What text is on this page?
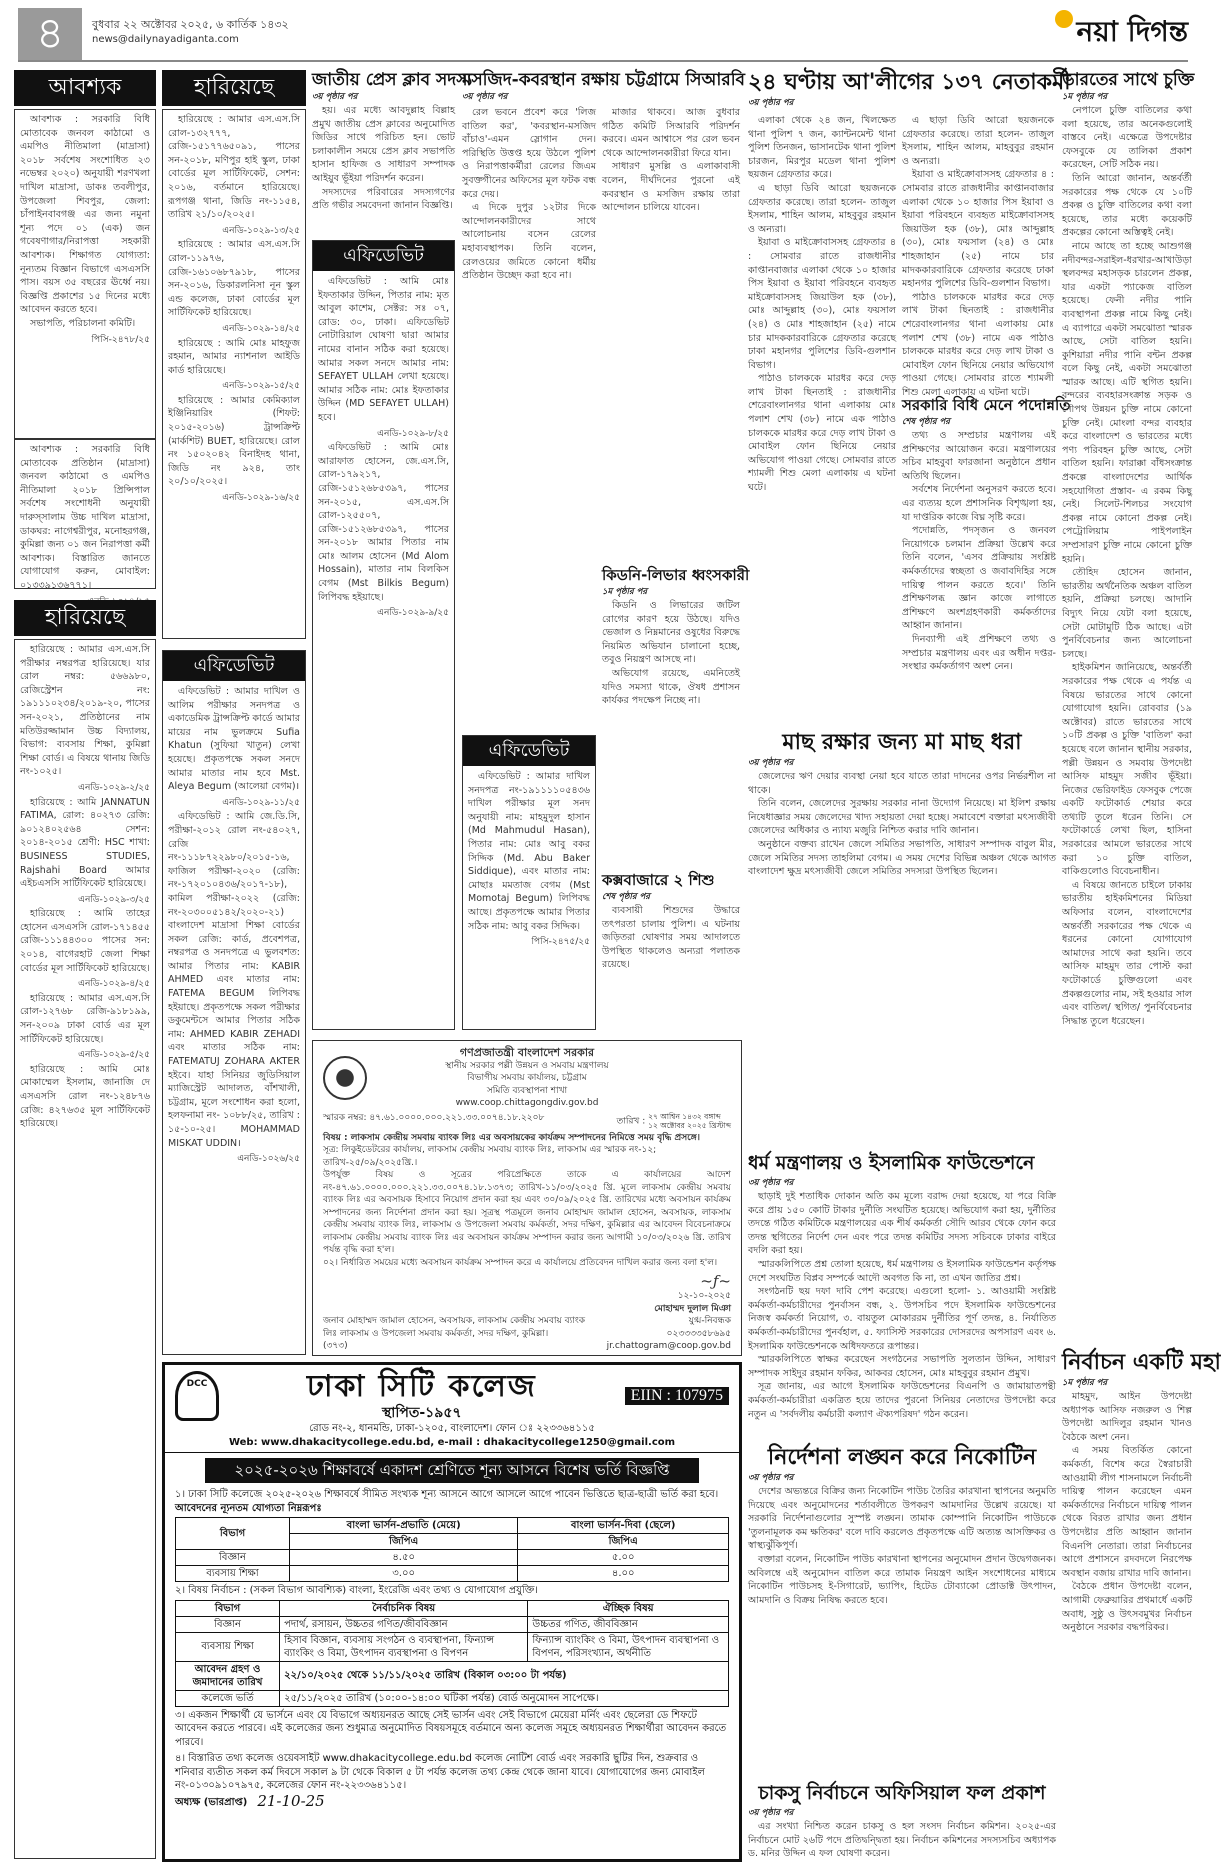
৪	বুধবার ২২ অক্টোবর ২০২৫, ৬ কার্তিক ১৪৩২
news@dailynayadiganta.com	নয়া দিগন্ত
আবশ্যক

আবশ্যক : সরকারি বিধি মোতাবেক জনবল কাঠামো ও এমপিও নীতিমালা (মাদ্রাসা) ২০১৮ সর্বশেষ সংশোধিত ২৩ নভেম্বর ২০২০) অনুযায়ী শরণখলা দাখিল মাদ্রাসা, ডাকঃ তবলীপুর, উপজেলা শিবপুর, জেলা: চাঁপাইনবাবগঞ্জ এর জন্য নমুনা শূন্য পদে ০১ (এক) জন গবেষণাগার/নিরাপত্তা সহকারী আবশ্যক। শিক্ষাগত যোগ্যতা: নূন্যতম বিজ্ঞান বিভাগে এসএসসি পাস। বয়স ৩৫ বছরের ঊর্ধ্বে নয়। বিজ্ঞপ্তি প্রকাশের ১৫ দিনের মধ্যে আবেদন করতে হবে।

সভাপতি, পরিচালনা কমিটি।

পিসি-২৪৭৮/২৫

আবশ্যক : সরকারি বিধি মোতাবেক প্রতিষ্ঠান (মাদ্রাসা) জনবল কাঠামো ও এমপিও নীতিমালা ২০১৮ প্রিন্সিপাল সর্বশেষ সংশোধনী অনুযায়ী দারুস্সালাম উচ্চ দাখিল মাদ্রাসা, ডাকঘর: নাগেশ্বরীপুর, মনোহরগঞ্জ, কুমিল্লা জন্য ০১ জন নিরাপত্তা কর্মী আবশ্যক। বিস্তারিত জানতে যোগাযোগ করুন, মোবাইল: ০১৩৩৯১৩৬৭৭১।

হারিয়েছে

হারিয়েছে : আমার এস.এস.সি পরীক্ষার নম্বরপত্র হারিয়েছে। যার রোল নম্বর: ৫৬৬৯৮০, রেজিস্ট্রেশন নং: ১৯১১১০২৩৪/২০১৯-২০, পাসের সন-২০২১, প্রতিষ্ঠানের নাম মতিউরজ্জামান উচ্চ বিদ্যালয়, বিভাগ: ব্যবসায় শিক্ষা, কুমিল্লা শিক্ষা বোর্ড। এ বিষয়ে থানায় জিডি নং-১০২৫।

এনডি-১০২৯-২/২৫

হারিয়েছে : আমি JANNATUN FATIMA, রোল: ৪০২৭৩ রেজি: ৯০১২৪০২৫৬৪ সেশন: ২০১৪-২০১৫ শ্রেণী: HSC শাখা: BUSINESS STUDIES, Rajshahi Board আমার এইচএসসি সার্টিফিকেট হারিয়েছে।

এনডি-১০২৯-৩/২৫

হারিয়েছে : আমি তাহের হোসেন এসএসসি রোল-১৭১৪৫৫ রেজি-১১১৪৪৩০০ পাসের সন: ২০১৪, বাগেরহাট জেলা শিক্ষা বোর্ডের মূল সার্টিফিকেট হারিয়েছে।

এনডি-১০২৯-৪/২৫

হারিয়েছে : আমার এস.এস.সি রোল-১২৭৬৮ রেজি-৯১৮১৯৯, সন-২০০৯ ঢাকা বোর্ড এর মূল সার্টিফিকেট হারিয়েছে।

এনডি-১০২৯-৫/২৫

হারিয়েছে : আমি মোঃ মোকাম্মেল ইসলাম, জানাজি দে এসএসসি রোল নং-১২৪৮৭৬ রেজি: ৪২৭৬৩৫ মূল সার্টিফিকেট হারিয়েছে।

হারিয়েছে

হারিয়েছে : আমার এস.এস.সি রোল-১৩২৭৭৭, রেজি-১৫১৭৭৬৫০৯১, পাসের সন-২০১৮, মণিপুর হাই স্কুল, ঢাকা বোর্ডের মূল সার্টিফিকেট, সেশন: ২০১৬, বর্তমানে হারিয়েছে। রূপগঞ্জ থানা, জিডি নং-১১৫৪, তারিখ ২১/১০/২০২৫।

এনডি-১০২৯-১৩/২৫

হারিয়েছে : আমার এস.এস.সি রোল-১১৯৭৬, রেজি-১৬১০৬৮৭৯১৮, পাসের সন-২০১৬, ডিকারলনিসা নূন স্কুল এন্ড কলেজ, ঢাকা বোর্ডের মূল সার্টিফিকেট হারিয়েছে।

এনডি-১০২৯-১৪/২৫

হারিয়েছে : আমি মোঃ মাহফুজ রহমান, আমার ন্যাশনাল আইডি কার্ড হারিয়েছে।

এনডি-১০২৯-১৫/২৫

হারিয়েছে : আমার কেমিক্যাল ইঞ্জিনিয়ারিং (শিফট: ২০১৫-২০১৬) ট্রান্সক্রিপ্ট (মার্কশিট) BUET, হারিয়েছে। রোল নং ১৫০২০৪২ বিনাইদহ থানা, জিডি নং ৯২৪, তাং ২০/১০/২০২৫।

এনডি-১০২৯-১৬/২৫
এফিডেভিট

এফিডেভিট : আমার দাখিল ও আলিম পরীক্ষার সনদপত্র ও একাডেমিক ট্রান্সক্রিপ্ট কার্ডে আমার মায়ের নাম ভুলক্রমে Sufia Khatun (সুফিয়া খাতুন) লেখা হয়েছে। প্রকৃতপক্ষে সকল সনদে আমার মাতার নাম হবে Mst. Aleya Begum (আলেয়া বেগম)।

এনডি-১০২৯-১১/২৫

এফিডেভিট : আমি জে.ডি.সি, পরীক্ষা-২০১২ রোল নং-৫৪০২৭, রেজি নং-১১১৮৭২২৯৮০/২০১৫-১৬, ফাজিল পরীক্ষা-২০২০ (রেজি: নং-১৭২০১০৪৩৬/২০১৭-১৮), কামিল পরীক্ষা-২০২২ (রেজি: নং-২০৩০০৫১৪২/২০২০-২১) বাংলাদেশ মাদ্রাসা শিক্ষা বোর্ডের সকল রেজি: কার্ড, প্রবেশপত্র, নম্বরপত্র ও সনদপত্রে এ ভুলবশত: আমার পিতার নাম: KABIR AHMED এবং মাতার নাম: FATEMA BEGUM লিপিবদ্ধ হইয়াছে। প্রকৃতপক্ষে সকল পরীক্ষার ডকুমেন্টসে আমার পিতার সঠিক নাম: AHMED KABIR ZEHADI এবং মাতার সঠিক নাম: FATEMATUJ ZOHARA AKTER হইবে। যাহা সিনিয়র জুডিসিয়াল ম্যাজিস্ট্রেট আদালত, বাঁশখালী, চট্টগ্রাম, মূলে সংশোধন করা হলো, হলফনামা নং- ১০৮৮/২৫, তারিখ : ১৫-১০-২৫। MOHAMMAD MISKAT UDDIN।

এনডি-১০২৬/২৫
জাতীয় প্রেস ক্লাব সদস্য
৩য় পৃষ্ঠার পর

হয়। এর মধ্যে আবদুল্লাহ বিল্লাহ প্রমুখ জাতীয় প্রেস ক্লাবের অনুমোদিত জিডির সাথে পরিচিত হন। ভোট চলাকালীন সময়ে প্রেস ক্লাব সভাপতি হাসান হাফিজ ও সাধারণ সম্পাদক আইয়ুব ভূঁইয়া পরিদর্শন করেন।

সদস্যদের পরিবারের সদস্যগণের প্রতি গভীর সমবেদনা জানান বিজ্ঞপ্তি।

এফিডেভিট

এফিডেভিট : আমি মোঃ ইফতাকার উদ্দিন, পিতার নাম: মৃত আবুল কাশেম, সেক্টর: সঃ ০৭, রোড: ৩০, ঢাকা। এফিডেভিট নোটারিয়াল ঘোষণা দ্বারা আমার নামের বানান সঠিক করা হয়েছে। আমার সকল সনদে আমার নাম: SEFAYET ULLAH লেখা হয়েছে। আমার সঠিক নাম: মোঃ ইফতাকার উদ্দিন (MD SEFAYET ULLAH) হবে।

এনডি-১০২৯-৮/২৫

এফিডেভিট : আমি মোঃ আরাফাত হোসেন, জে.এস.সি, রোল-১৭৯২১৭, রেজি-১৫১২৬৮৫৩৯৭, পাসের সন-২০১৫, এস.এস.সি রোল-১২৫৫০৭, রেজি-১৫১২৬৮৫৩৯৭, পাসের সন-২০১৮ আমার পিতার নাম মোঃ আলম হোসেন (Md Alom Hossain), মাতার নাম বিলকিস বেগম (Mst Bilkis Begum) লিপিবদ্ধ হইয়াছে।

এনডি-১০২৯-৯/২৫
মসজিদ-কবরস্থান রক্ষায় চট্টগ্রামে সিআরবি
৩য় পৃষ্ঠার পর

রেল ভবনে প্রবেশ করে 'লিজ বাতিল কর', 'কবরস্থান-মসজিদ বাঁচাও'-এমন স্লোগান দেন। পরিস্থিতি উত্তপ্ত হয়ে উঠলে পুলিশ ও নিরাপত্তাকর্মীরা রেলের জিএম সুবক্তগীনের অফিসের মূল ফটক বন্ধ করে দেয়।

এ দিকে দুপুর ১২টার দিকে আন্দোলনকারীদের সাথে আলোচনায় বসেন রেলের মহাব্যবস্থাপক। তিনি বলেন, রেলওয়ের জমিতে কোনো ধর্মীয় প্রতিষ্ঠান উচ্ছেদ করা হবে না।

মাজার থাকবে। আজ বুধবার গঠিত কমিটি সিআরবি পরিদর্শন করবে। এমন আশ্বাসে পর রেল ভবন থেকে আন্দোলনকারীরা ফিরে যান।

সাধারণ মুসল্লি ও এলাকাবাসী বলেন, দীর্ঘদিনের পুরনো এই কবরস্থান ও মসজিদ রক্ষায় তারা আন্দোলন চালিয়ে যাবেন।

কিডনি-লিভার ধ্বংসকারী
১ম পৃষ্ঠার পর

কিডনি ও লিভারের জটিল রোগের কারণ হয়ে উঠছে। যদিও ভেজাল ও নিম্নমানের ওষুধের বিরুদ্ধে নিয়মিত অভিযান চালানো হচ্ছে, তবুও নিয়ন্ত্রণ আসছে না।

অভিযোগ রয়েছে, এমনিতেই যদিও সমস্যা থাকে, ঔষধ প্রশাসন কার্যকর পদক্ষেপ নিচ্ছে না।

এফিডেভিট

এফিডেভিট : আমার দাখিল সনদপত্র নং-১৯১১১১০৫৪৩৬ দাখিল পরীক্ষার মূল সনদ অনুযায়ী নাম: মাহমুদুল হাসান (Md Mahmudul Hasan), পিতার নাম: মোঃ আবু বকর সিদ্দিক (Md. Abu Baker Siddique), এবং মাতার নাম: মোছাঃ মমতাজ বেগম (Mst Momotaj Begum) লিপিবদ্ধ আছে। প্রকৃতপক্ষে আমার পিতার সঠিক নাম: আবু বকর সিদ্দিক।

পিসি-২৪৭৫/২৫
কক্সবাজারে ২ শিশু
শেষ পৃষ্ঠার পর

ব্যবসায়ী শিশুদের উদ্ধারে তৎপরতা চালায় পুলিশ। এ ঘটনায় জড়িতরা ঘোষণার সময় আদালতে উপস্থিত থাকলেও অন্যরা পলাতক রয়েছে।

গণপ্রজাতন্ত্রী বাংলাদেশ সরকার
স্থানীয় সরকার পল্লী উন্নয়ন ও সমবায় মন্ত্রণালয়
বিভাগীয় সমবায় কার্যালয়, চট্টগ্রাম
সমিতি ব্যবস্থাপনা শাখা
www.coop.chittagongdiv.gov.bd
স্মারক নম্বর: ৪৭.৬১.০০০০.০০০.২২১.৩৩.০০৭৪.১৮.২২০৮	তারিখ : ২৭ আশ্বিন ১৪৩২ বঙ্গাব্দ
১২ অক্টোবর ২০২৫ খ্রিস্টাব্দ
বিষয় : লাকসাম কেন্দ্রীয় সমবায় ব্যাংক লিঃ এর অবসায়কের কার্যক্রম সম্পাদনের নিমিত্তে সময় বৃদ্ধি প্রসঙ্গে।
সূত্র: লিকুইডেটরের কার্যালয়, লাকসাম কেন্দ্রীয় সমবায় ব্যাংক লিঃ, লাকসাম এর স্মারক নং-১২; তারিখ-২৫/০৯/২০২৫খ্রি.।
উপর্যুক্ত বিষয় ও সূত্রের পরিপ্রেক্ষিতে তাকে এ কার্যালয়ের আদেশ নং-৪৭.৬১.০০০০.০০০.২২১.৩৩.০০৭৪.১৮.১৩৭৩; তারিখ-১১/০৩/২০২৫ খ্রি. মূলে লাকসাম কেন্দ্রীয় সমবায় ব্যাংক লিঃ এর অবসায়ক হিসাবে নিয়োগ প্রদান করা হয় এবং ৩০/০৯/২০২৫ খ্রি. তারিখের মধ্যে অবসায়ন কার্যক্রম সম্পাদনের জন্য নির্দেশনা প্রদান করা হয়। সূত্রস্থ পত্রমূলে জনাব মোহাম্মদ জামাল হোসেন, অবসায়ক, লাকসাম কেন্দ্রীয় সমবায় ব্যাংক লিঃ, লাকসাম ও উপজেলা সমবায় কর্মকর্তা, সদর দক্ষিণ, কুমিল্লার এর আবেদন বিবেচনাক্রমে লাকসাম কেন্দ্রীয় সমবায় ব্যাংক লিঃ এর অবসায়ন কার্যক্রম সম্পাদন করার জন্য আগামী ১০/০৩/২০২৬ খ্রি. তারিখ পর্যন্ত বৃদ্ধি করা হ'ল।
০২। নির্ধারিত সময়ের মধ্যে অবসায়ন কার্যক্রম সম্পাদন করে এ কার্যালয়ে প্রতিবেদন দাখিল করার জন্য বলা হ'ল।
জনাব মোহাম্মদ জামাল হোসেন, অবসায়ক, লাকসাম কেন্দ্রীয় সমবায় ব্যাংক লিঃ লাকসাম ও উপজেলা সমবায় কর্মকর্তা, সদর দক্ষিণ, কুমিল্লা।
(৩৭৩)
~ƒ~
১২-১০-২০২৫
মোহাম্মদ দুলাল মিঞা
যুগ্ম-নিবন্ধক
০২৩৩৩৩৫৮৬৯৫
jr.chattogram@coop.gov.bd
DCC	ঢাকা সিটি কলেজ
স্থাপিত-১৯৫৭
EIIN : 107975
রোড নং-২, ধানমন্ডি, ঢাকা-১২০৫, বাংলাদেশ। ফোন ঃ ২২৩৩৬৪১১৫
Web: www.dhakacitycollege.edu.bd, e-mail : dhakacitycollege1250@gmail.com
২০২৫-২০২৬ শিক্ষাবর্ষে একাদশ শ্রেণিতে শূন্য আসনে বিশেষ ভর্তি বিজ্ঞপ্তি
১। ঢাকা সিটি কলেজে ২০২৫-২০২৬ শিক্ষাবর্ষে সীমিত সংখ্যক শূন্য আসনে আগে আসলে আগে পাবেন ভিত্তিতে ছাত্র-ছাত্রী ভর্তি করা হবে।
আবেদনের ন্যূনতম যোগ্যতা নিম্নরূপঃ
বিভাগ	বাংলা ভার্সন-প্রভাতি (মেয়ে)	বাংলা ভার্সন-দিবা (ছেলে)
	জিপিএ	জিপিএ
বিজ্ঞান	৪.৫০	৫.০০
ব্যবসায় শিক্ষা	৩.০০	৪.০০
২। বিষয় নির্বাচন : (সকল বিভাগ আবশ্যিক) বাংলা, ইংরেজি এবং তথ্য ও যোগাযোগ প্রযুক্তি।
বিভাগ	নৈর্বাচনিক বিষয়	ঐচ্ছিক বিষয়
বিজ্ঞান	পদার্থ, রসায়ন, উচ্চতর গণিত/জীববিজ্ঞান	উচ্চতর গণিত, জীববিজ্ঞান
ব্যবসায় শিক্ষা	হিসাব বিজ্ঞান, ব্যবসায় সংগঠন ও ব্যবস্থাপনা, ফিন্যান্স ব্যাংকিং ও বিমা, উৎপাদন ব্যবস্থাপনা ও বিপণন	ফিন্যান্স ব্যাংকিং ও বিমা, উৎপাদন ব্যবস্থাপনা ও বিপণন, পরিসংখ্যান, অর্থনীতি
আবেদন গ্রহণ ও জমাদানের তারিখ	২২/১০/২০২৫ থেকে ১১/১১/২০২৫ তারিখ (বিকাল ০৩:০০ টা পর্যন্ত)	
কলেজে ভর্তি	২৫/১১/২০২৫ তারিখ (১০:০০-১৪:০০ ঘটিকা পর্যন্ত) বোর্ড অনুমোদন সাপেক্ষে।	
৩। একজন শিক্ষার্থী যে ভার্সনে এবং যে বিভাগে অধ্যয়নরত আছে সেই ভার্সন এবং সেই বিভাগে মেয়েরা মর্নিং এবং ছেলেরা ডে শিফটে আবেদন করতে পারবে। এই কলেজের জন্য শুধুমাত্র অনুমোদিত বিষয়সমূহে বর্তমানে অন্য কলেজ সমূহে অধ্যয়নরত শিক্ষার্থীরা আবেদন করতে পারবে।
৪। বিস্তারিত তথ্য কলেজ ওয়েবসাইট www.dhakacitycollege.edu.bd কলেজ নোটিশ বোর্ড এবং সরকারি ছুটির দিন, শুক্রবার ও শনিবার ব্যতীত সকল কর্ম দিবসে সকাল ৯ টা থেকে বিকাল ৫ টা পর্যন্ত কলেজ তথ্য কেন্দ্র থেকে জানা যাবে। যোগাযোগের জন্য মোবাইল নং-০১৩০৯১০৭৯৭৫, কলেজের ফোন নং-২২৩৩৬৪১১৫।
অধ্যক্ষ (ভারপ্রাপ্ত) 21-10-25
২৪ ঘণ্টায় আ'লীগের ১৩৭ নেতাকর্মী
৩য় পৃষ্ঠার পর

এলাকা থেকে ২৪ জন, খিলক্ষেত থানা পুলিশ ৭ জন, ক্যান্টনমেন্ট থানা পুলিশ তিনজন, ভাসানটেক থানা পুলিশ চারজন, মিরপুর মডেল থানা পুলিশ ছয়জন গ্রেফতার করে।

এ ছাড়া ডিবি আরো ছয়জনকে গ্রেফতার করেছে। তারা হলেন- তাজুল ইসলাম, শাহিন আলম, মাহবুবুর রহমান ও অন্যরা।

ইয়াবা ও মাইক্রোবাসসহ গ্রেফতার ৪ : সোমবার রাতে রাজধানীর কাপ্তানবাজার এলাকা থেকে ১০ হাজার পিস ইয়াবা ও ইয়াবা পরিবহনে ব্যবহৃত মাইক্রোবাসসহ জিয়াউল হক (৩৮), মোঃ আব্দুল্লাহ (৩০), মোঃ ফয়সাল (২৪) ও মোঃ শাহজাহান (২৫) নামে চার মাদককারবারিকে গ্রেফতার করেছে ঢাকা মহানগর পুলিশের ডিবি-গুলশান বিভাগ।

পাঠাও চালককে মারধর করে দেড় লাখ টাকা ছিনতাই : রাজধানীর শেরেবাংলানগর থানা এলাকায় মোঃ পলাশ শেখ (৩৮) নামে এক পাঠাও চালককে মারধর করে দেড় লাখ টাকা ও মোবাইল ফোন ছিনিয়ে নেয়ার অভিযোগ পাওয়া গেছে। সোমবার রাতে শ্যামলী শিশু মেলা এলাকায় এ ঘটনা ঘটে।

এ ছাড়া ডিবি আরো ছয়জনকে গ্রেফতার করেছে। তারা হলেন- তাজুল ইসলাম, শাহিন আলম, মাহবুবুর রহমান ও অন্যরা।

ইয়াবা ও মাইক্রোবাসসহ গ্রেফতার ৪ : সোমবার রাতে রাজধানীর কাপ্তানবাজার এলাকা থেকে ১০ হাজার পিস ইয়াবা ও ইয়াবা পরিবহনে ব্যবহৃত মাইক্রোবাসসহ জিয়াউল হক (৩৮), মোঃ আব্দুল্লাহ (৩০), মোঃ ফয়সাল (২৪) ও মোঃ শাহজাহান (২৫) নামে চার মাদককারবারিকে গ্রেফতার করেছে ঢাকা মহানগর পুলিশের ডিবি-গুলশান বিভাগ।

পাঠাও চালককে মারধর করে দেড় লাখ টাকা ছিনতাই : রাজধানীর শেরেবাংলানগর থানা এলাকায় মোঃ পলাশ শেখ (৩৮) নামে এক পাঠাও চালককে মারধর করে দেড় লাখ টাকা ও মোবাইল ফোন ছিনিয়ে নেয়ার অভিযোগ পাওয়া গেছে। সোমবার রাতে শ্যামলী শিশু মেলা এলাকায় এ ঘটনা ঘটে।

সরকারি বিধি মেনে পদোন্নতি
শেষ পৃষ্ঠার পর

তথ্য ও সম্প্রচার মন্ত্রণালয় এই প্রশিক্ষণের আয়োজন করে। মন্ত্রণালয়ের সচিব মাহবুবা ফারজানা অনুষ্ঠানে প্রধান অতিথি ছিলেন।

সর্বশেষ নির্দেশনা অনুসরণ করতে হবে। এর ব্যত্যয় হলে প্রশাসনিক বিশৃঙ্খলা হয়, যা দাপ্তরিক কাজে বিঘ্ন সৃষ্টি করে।

পদোন্নতি, পদসৃজন ও জনবল নিয়োগকে চলমান প্রক্রিয়া উল্লেখ করে তিনি বলেন, 'এসব প্রক্রিয়ায় সংশ্লিষ্ট কর্মকর্তাদের স্বচ্ছতা ও জবাবদিহির সঙ্গে দায়িত্ব পালন করতে হবে।' তিনি প্রশিক্ষণলব্ধ জ্ঞান কাজে লাগাতে প্রশিক্ষণে অংশগ্রহণকারী কর্মকর্তাদের আহ্বান জানান।

দিনব্যাপী এই প্রশিক্ষণে তথ্য ও সম্প্রচার মন্ত্রণালয় এবং এর অধীন দপ্তর-সংস্থার কর্মকর্তাগণ অংশ নেন।

মাছ রক্ষার জন্য মা মাছ ধরা
৩য় পৃষ্ঠার পর

জেলেদের ঋণ দেয়ার ব্যবস্থা নেয়া হবে যাতে তারা দাদনের ওপর নির্ভরশীল না থাকে।

তিনি বলেন, জেলেদের সুরক্ষায় সরকার নানা উদ্যোগ নিয়েছে। মা ইলিশ রক্ষায় নিষেধাজ্ঞার সময় জেলেদের খাদ্য সহায়তা দেয়া হচ্ছে। সমাবেশে বক্তারা মৎস্যজীবী জেলেদের অধিকার ও ন্যায্য মজুরি নিশ্চিত করার দাবি জানান।

অনুষ্ঠানে বক্তব্য রাখেন জেলে সমিতির সভাপতি, সাধারণ সম্পাদক বাবুল মীর, জেলে সমিতির সদস্য তাহলিমা বেগম। এ সময় দেশের বিভিন্ন অঞ্চল থেকে আগত বাংলাদেশ ক্ষুদ্র মৎস্যজীবী জেলে সমিতির সদস্যরা উপস্থিত ছিলেন।

ধর্ম মন্ত্রণালয় ও ইসলামিক ফাউন্ডেশনে
৩য় পৃষ্ঠার পর

ছাড়াই দুই শতাধিক দোকান অতি কম মূল্যে বরাদ্দ দেয়া হয়েছে, যা পরে বিক্রি করে প্রায় ১৫০ কোটি টাকার দুর্নীতি সংঘটিত হয়েছে। অভিযোগ করা হয়, দুর্নীতির তদন্তে গঠিত কমিটিকে মন্ত্রণালয়ের এক শীর্ষ কর্মকর্তা সৌদি আরব থেকে ফোন করে তদন্ত স্থগিতের নির্দেশ দেন এবং পরে তদন্ত কমিটির সদস্য সচিবকে ঢাকার বাইরে বদলি করা হয়।

স্মারকলিপিতে প্রশ্ন তোলা হয়েছে, ধর্ম মন্ত্রণালয় ও ইসলামিক ফাউন্ডেশন কর্তৃপক্ষ দেশে সংঘটিত বিপ্লব সম্পর্কে আদৌ অবগত কি না, তা এখন জাতির প্রশ্ন।

সংগঠনটি ছয় দফা দাবি পেশ করেছে। এগুলো হলো- ১. আওয়ামী সংশ্লিষ্ট কর্মকর্তা-কর্মচারীদের পুনর্বাসন বন্ধ, ২. উপসচিব পদে ইসলামিক ফাউন্ডেশনের নিজস্ব কর্মকর্তা নিয়োগ, ৩. বায়তুল মোকাররম দুর্নীতির পূর্ণ তদন্ত, ৪. নির্যাতিত কর্মকর্তা-কর্মচারীদের পুনর্বহাল, ৫. ফ্যাসিস্ট সরকারের দোসরদের অপসারণ এবং ৬. ইসলামিক ফাউন্ডেশনকে অধিদফতরে রূপান্তর।

স্মারকলিপিতে স্বাক্ষর করেছেন সংগঠনের সভাপতি সুলতান উদ্দিন, সাধারণ সম্পাদক সাইদুর রহমান ফকির, আকবর হোসেন, মোঃ মাহবুবুর রহমান প্রমুখ।

সূত্র জানায়, এর আগে ইসলামিক ফাউন্ডেশনের বিএনপি ও জামায়াতপন্থী কর্মকর্তা-কর্মচারীরা একত্রিত হয়ে তাদের পুরনো সিনিয়র নেতাদের উপদেষ্টা করে নতুন এ 'সর্বদলীয় কর্মচারী কল্যাণ ঐক্যপরিষদ' গঠন করেন।

নির্দেশনা লঙ্ঘন করে নিকোটিন
৩য় পৃষ্ঠার পর

দেশের অভ্যন্তরে বিক্রির জন্য নিকোটিন পাউচ তৈরির কারখানা স্থাপনের অনুমতি দিয়েছে এবং অনুমোদনের শর্তাবলীতে উপকরণ আমদানির উল্লেখ রয়েছে। যা সরকারি নির্দেশনাগুলোর সুস্পষ্ট লঙ্ঘন। তামাক কোম্পানি নিকোটিন পাউচকে 'তুলনামূলক কম ক্ষতিকর' বলে দাবি করলেও প্রকৃতপক্ষে এটি অত্যন্ত আসক্তিকর ও স্বাস্থ্যঝুঁকিপূর্ণ।

বক্তারা বলেন, নিকোটিন পাউচ কারখানা স্থাপনের অনুমোদন প্রদান উদ্বেগজনক। অবিলম্বে এই অনুমোদন বাতিল করে তামাক নিয়ন্ত্রণ আইন সংশোধনের মাধ্যমে নিকোটিন পাউচসহ ই-সিগারেট, ভ্যাপিং, হিটেড টোব্যাকো প্রোডাক্ট উৎপাদন, আমদানি ও বিক্রয় নিষিদ্ধ করতে হবে।

চাকসু নির্বাচনে অফিসিয়াল ফল প্রকাশ
৩য় পৃষ্ঠার পর

এর সংখ্যা নিশ্চিত করেন চাকসু ও হল সংসদ নির্বাচন কমিশন। ২০২৫-এর নির্বাচনে মোট ২৬টি পদে প্রতিদ্বন্দ্বিতা হয়। নির্বাচন কমিশনের সদস্যসচিব অধ্যাপক ড. মনির উদ্দিন এ ফল ঘোষণা করেন।

ভারতের সাথে চুক্তি
১ম পৃষ্ঠার পর

নেপালে চুক্তি বাতিলের কথা বলা হয়েছে, তার অনেকগুলোই বাস্তবে নেই। এক্ষেত্রে উপদেষ্টার ফেসবুকে যে তালিকা প্রকাশ করেছেন, সেটি সঠিক নয়।

তিনি আরো জানান, অন্তর্বর্তী সরকারের পক্ষ থেকে যে ১০টি প্রকল্প ও চুক্তি বাতিলের কথা বলা হয়েছে, তার মধ্যে কয়েকটি প্রকল্পের কোনো অস্তিত্বই নেই।

নামে আছে তা হচ্ছে আশুগঞ্জ নদীবন্দর-সরাইল-ধরখার-আখাউড়া স্থলবন্দর মহাসড়ক চারলেন প্রকল্প, যার একটা প্যাকেজ বাতিল হয়েছে। ফেনী নদীর পানি ব্যবস্থাপনা প্রকল্প নামে কিছু নেই। এ ব্যাপারে একটা সমঝোতা স্মারক আছে, সেটা বাতিল হয়নি। কুশিয়ারা নদীর পানি বন্টন প্রকল্প বলে কিছু নেই, একটা সমঝোতা স্মারক আছে। এটি স্থগিত হয়নি। বন্দরের ব্যবহারসংক্রান্ত সড়ক ও নৌপথ উন্নয়ন চুক্তি নামে কোনো চুক্তি নেই। মোংলা বন্দর ব্যবহার করে বাংলাদেশ ও ভারতের মধ্যে পণ্য পরিবহন চুক্তি আছে, সেটা বাতিল হয়নি। ফারাক্কা বাঁধসংক্রান্ত প্রকল্পে বাংলাদেশের আর্থিক সহযোগিতা প্রস্তাব- এ রকম কিছু নেই। সিলেট-শিলচর সংযোগ প্রকল্প নামে কোনো প্রকল্প নেই। পেট্রোলিয়াম পাইপলাইন সম্প্রসারণ চুক্তি নামে কোনো চুক্তি হয়নি।

তৌহিদ হোসেন জানান, ভারতীয় অর্থনৈতিক অঞ্চল বাতিল হয়নি, প্রক্রিয়া চলছে। আদানি বিদ্যুৎ নিয়ে যেটা বলা হয়েছে, সেটা মোটামুটি ঠিক আছে। এটা পুনর্বিবেচনার জন্য আলোচনা চলছে।

হাইকমিশন জানিয়েছে, অন্তর্বর্তী সরকারের পক্ষ থেকে এ পর্যন্ত এ বিষয়ে ভারতের সাথে কোনো যোগাযোগ হয়নি। রোববার (১৯ অক্টোবর) রাতে ভারতের সাথে ১০টি প্রকল্প ও চুক্তি 'বাতিল' করা হয়েছে বলে জানান স্থানীয় সরকার, পল্লী উন্নয়ন ও সমবায় উপদেষ্টা আসিফ মাহমুদ সজীব ভূঁইয়া। নিজের ভেরিফাইড ফেসবুক পেজে একটি ফটোকার্ড শেয়ার করে তথ্যটি তুলে ধরেন তিনি। সে ফটোকার্ডে লেখা ছিল, হাসিনা সরকারের আমলে ভারতের সাথে করা ১০ চুক্তি বাতিল, বাকিগুলোও বিবেচনাধীন।

এ বিষয়ে জানতে চাইলে ঢাকায় ভারতীয় হাইকমিশনের মিডিয়া অফিসার বলেন, বাংলাদেশের অন্তর্বর্তী সরকারের পক্ষ থেকে এ ধরনের কোনো যোগাযোগ আমাদের সাথে করা হয়নি। তবে আসিফ মাহমুদ তার পোস্ট করা ফটোকার্ডে চুক্তিগুলো এবং প্রকল্পগুলোর নাম, সই হওয়ার সাল এবং বাতিল/ স্থগিত/ পুনর্বিবেচনার সিদ্ধান্ত তুলে ধরেছেন।

নির্বাচন একটি মহা
১ম পৃষ্ঠার পর

মাহমুদ, আইন উপদেষ্টা অধ্যাপক আসিফ নজরুল ও শিল্প উপদেষ্টা আদিলুর রহমান খানও বৈঠকে অংশ নেন।

এ সময় বিতর্কিত কোনো কর্মকর্তা, বিশেষ করে স্বৈরাচারী আওয়ামী লীগ শাসনামলে নির্বাচনী দায়িত্ব পালন করেছেন এমন কর্মকর্তাদের নির্বাচনে দায়িত্ব পালন থেকে বিরত রাখার জন্য প্রধান উপদেষ্টার প্রতি আহ্বান জানান বিএনপি নেতারা। তারা নির্বাচনের আগে প্রশাসনে রদবদলে নিরপেক্ষ অবস্থান বজায় রাখার দাবি জানান।

বৈঠকে প্রধান উপদেষ্টা বলেন, আগামী ফেব্রুয়ারির প্রথমার্ধে একটি অবাধ, সুষ্ঠু ও উৎসবমুখর নির্বাচন অনুষ্ঠানে সরকার বদ্ধপরিকর।
